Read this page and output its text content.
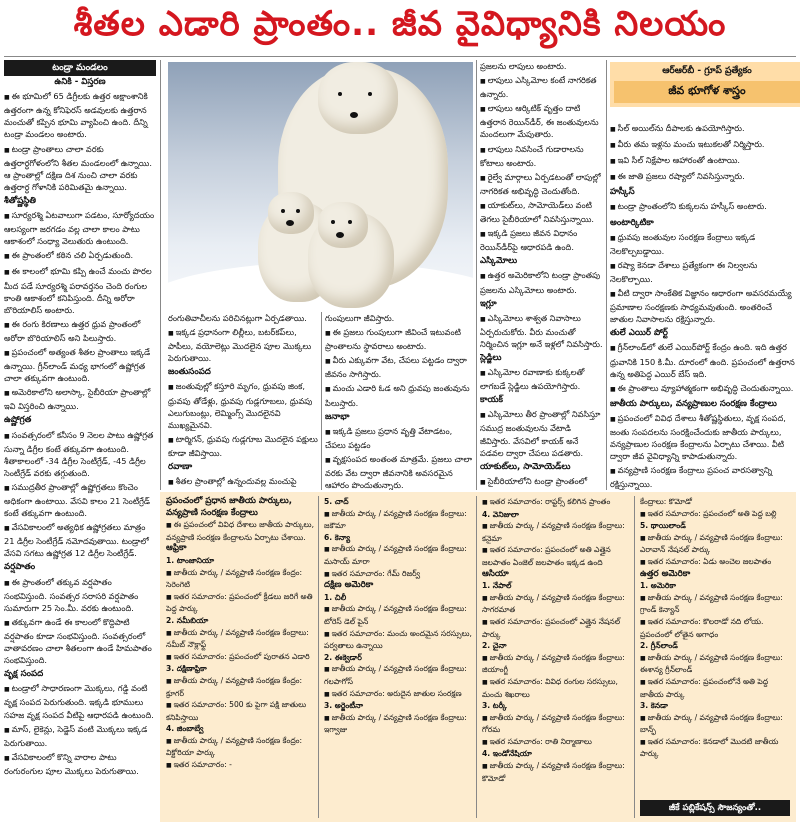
శీతల ఎడారి ప్రాంతం.. జీవ వైవిధ్యానికి నిలయం
టండ్రా మండలం

ఉనికి - విస్తరణ

■ ఈ భూమిలో 65 డిగ్రీలకు ఉత్తర అక్షాంశానికి ఉత్తరంగా ఉన్న కోనిఫెరస్ అడవులకు ఉత్తరాన మంచుతో కప్పిన భూమి వ్యాపించి ఉంది. దీన్ని టండ్రా మండలం అంటారు.

■ టండ్రా ప్రాంతాలు చాలా వరకు ఉత్తరార్ధగోళంలోని శీతల మండలంలో ఉన్నాయి. ఆ ప్రాంతాల్లో దక్షిణ దిశ నుంచి చాలా వరకు ఉత్తరార్ధ గోళానికి పరిమితమై ఉన్నాయి.

శీతోష్ణస్థితి

■ సూర్యరశ్మి ఏటవాలుగా పడటం, సూర్యోదయం ఆలస్యంగా జరగడం వల్ల చాలా కాలం పాటు ఆకాశంలో సంధ్యా వెలుతురు ఉంటుంది.

■ ఈ ప్రాంతంలో కఠిన చలి ఏర్పడుతుంది.

■ ఈ కాలంలో భూమి కప్పి ఉంచే మంచు పొరల మీద పడే సూర్యరశ్మి పరావర్తనం చెంది రంగుల కాంతి ఆకాశంలో కనిపిస్తుంది. దీన్ని అరోరా బొరియాలిస్ అంటారు.

■ ఈ రంగు కిరణాలు ఉత్తర ధ్రువ ప్రాంతంలో అరోరా బొరియాలిస్‌ అని పిలుస్తారు.

■ ప్రపంచంలో అత్యంత శీతల ప్రాంతాలు ఇక్కడే ఉన్నాయి. గ్రీన్‌లాండ్‌ మధ్య భాగంలో ఉష్ణోగ్రత చాలా తక్కువగా ఉంటుంది.

■ అమెరికాలోని అలాస్కా, సైబీరియా ప్రాంతాల్లో ఇవి విస్తరించి ఉన్నాయి.

ఉష్ణోగ్రత

■ సంవత్సరంలో కనీసం 9 నెలల పాటు ఉష్ణోగ్రత సున్నా డిగ్రీల కంటే తక్కువగా ఉంటుంది. శీతాకాలంలో -34 డిగ్రీల సెంటీగ్రేడ్, -45 డిగ్రీల సెంటీగ్రేడ్ వరకు తగ్గుతుంది.

■ సముద్రతీర ప్రాంతాల్లో ఉష్ణోగ్రతలు కొంచెం అధికంగా ఉంటాయి. వేసవి కాలం 21 సెంటీగ్రేడ్ కంటే తక్కువగా ఉంటుంది.

■ వేసవికాలంలో అత్యధిక ఉష్ణోగ్రతలు మాత్రం 21 డిగ్రీల సెంటీగ్రేడ్ నమోదవుతాయి. టండ్రాలో వేసవి సగటు ఉష్ణోగ్రత 12 డిగ్రీల సెంటీగ్రేడ్.

వర్షపాతం

■ ఈ ప్రాంతంలో తక్కువ వర్షపాతం సంభవిస్తుంది. సంవత్సర సరాసరి వర్షపాతం సుమారుగా 25 సెం.మీ. వరకు ఉంటుంది.

■ తక్కువగా ఉండే ఈ కాలంలో కొద్దిపాటి వర్షపాతం కూడా సంభవిస్తుంది. సంవత్సరంలో వాతావరణం చాలా శీతలంగా ఉండే హిమపాతం సంభవిస్తుంది.

వృక్ష సంపద

■ టండ్రాలో సాధారణంగా మొక్కలు, గడ్డి వంటి వృక్ష సంపద పెరుగుతుంది. ఇక్కడి భూములు సహజ వృక్ష సంపద వీటిపై ఆధారపడి ఉంటుంది.

■ మాస్, లైకెన్లు, సెడ్జెస్ వంటి మొక్కలు ఇక్కడ పెరుగుతాయి.

■ వేసవికాలంలో కొన్ని వారాల పాటు రంగురంగుల పూల మొక్కలు పెరుగుతాయి.

రంగుతివాచీలను పరిచినట్లుగా ఏర్పడతాయి.

■ ఇక్కడ ప్రధానంగా లిల్లీలు, బటర్‌కప్‌లు, పాపీలు, వయోలెట్లు మొదలైన పూల మొక్కలు పెరుగుతాయి.

జంతుసంపద

■ జంతువుల్లో కస్తూరి మృగం, ధ్రువపు జింక, ధ్రువపు తోడేళ్లు, ధ్రువపు గుడ్లగూబలు, ధ్రువపు ఎలుగుబంట్లు, లెమ్మింగ్స్ మొదలైనవి ముఖ్యమైనవి.

■ టార్మిగన్, ధ్రువపు గుడ్లగూబ మొదలైన పక్షులు కూడా జీవిస్తాయి.

రవాణా

■ శీతల ప్రాంతాల్లో ఉన్నందువల్ల మంచుపై

గుంపులుగా జీవిస్తారు.

■ ఈ ప్రజలు గుంపులుగా జీవించే ఇటువంటి ప్రాంతాలను స్థావరాలు అంటారు.

■ వీరు ఎక్కువగా వేట, చేపలు పట్టడం ద్వారా జీవనం సాగిస్తారు.

■ మంచు ఎడారి ఓడ అని ధ్రువపు జంతువును పిలుస్తారు.

జనాభా

■ ఇక్కడి ప్రజలు ప్రధాన వృత్తి వేటాడటం, చేపలు పట్టడం

■ వృక్షసంపద అంతంత మాత్రమే. ప్రజలు చాలా వరకు వేట ద్వారా జీవనానికి అవసరమైన ఆహారం పొందుతున్నారు.

ప్రజలను లాపులు అంటారు.

■ లాపులు ఎస్కిమోల కంటే నాగరికత ఉన్నారు.

■ లాపులు ఆర్కిటిక్ వృత్తం దాటి ఉత్తరాన రెయిన్‌డీర్, ఈ జంతువులను మందలుగా మేపుతారు.

■ లాపులు నివసించే గుడారాలను కోటాలు అంటారు.

■ రైల్వే మార్గాలు ఏర్పడటంతో లాపుల్లో నాగరికత అభివృద్ధి చెందుతోంది.

■ యాకుట్‌లు, సామోయెడ్‌లు వంటి తెగలు సైబీరియాలో నివసిస్తున్నాయి.

■ ఇక్కడి ప్రజలు జీవన విధానం రెయిన్‌డీర్‌పై ఆధారపడి ఉంది.

ఎస్కిమోలు

■ ఉత్తర అమెరికాలోని టండ్రా ప్రాంతపు ప్రజలను ఎస్కిమోలు అంటారు.

ఇగ్లూ

■ ఎస్కిమోలు శాశ్వత నివాసాలు ఏర్పరుచుకోరు. వీరు మంచుతో నిర్మించిన ఇగ్లూ అనే ఇళ్లలో నివసిస్తారు.

స్లెడ్జిలు

■ ఎస్కిమోల రవాణాకు కుక్కలతో లాగబడే స్లెడ్జిలు ఉపయోగిస్తారు.

కాయక్

■ ఎస్కిమోలు తీర ప్రాంతాల్లో నివసిస్తూ సముద్ర జంతువులను వేటాడి జీవిస్తారు. వేసవిలో కాయక్ అనే పడవల ద్వారా చేపలు పడతారు.

యాకుట్‌లు, సామోయెడ్‌లు

■ సైబీరియాలోని టండ్రా ప్రాంతంలో

ఆర్‌ఆర్‌బీ - గ్రూప్ ప్రత్యేకం
జీవ భూగోళ శాస్త్రం

■ సీల్ అయిల్‌ను దీపాలకు ఉపయోగిస్తారు.

■ వీరు తమ ఇళ్లను మంచు ఇటుకలతో నిర్మిస్తారు.

■ ఇవి సీల్ నిక్షేపాల ఆహారంతో ఉంటాయి.

■ ఈ జాతి ప్రజలు రష్యాలో నివసిస్తున్నారు.

హస్కీస్

■ టండ్రా ప్రాంతంలోని కుక్కలను హస్కీస్ అంటారు.

అంటార్కిటికా

■ ధ్రువపు జంతువుల సంరక్షణ కేంద్రాలు ఇక్కడ నెలకొల్పబడ్డాయి.

■ రష్యా కెనడా దేశాలు ప్రత్యేకంగా ఈ నిల్వలను నెలకొల్పాయి.

■ వీటి ద్వారా సాంకేతిక విజ్ఞానం ఆధారంగా అవసరమయ్యే ప్రమాణాల సంరక్షణకు సాధ్యమవుతుంది. అంతరించే జాతుల నివాసాలను రక్షిస్తున్నారు.

తులే ఎయిర్ పోర్ట్

■ గ్రీన్‌లాండ్‌లో తులే ఎయిర్‌పోర్ట్ కేంద్రం ఉంది. ఇది ఉత్తర ధ్రువానికి 150 కి.మీ. దూరంలో ఉంది. ప్రపంచంలో ఉత్తరాన ఉన్న అతిపెద్ద ఎయిర్ బేస్ ఇది.

■ ఈ ప్రాంతాలు వ్యూహాత్మకంగా అభివృద్ధి చెందుతున్నాయి.

జాతీయ పార్కులు, వన్యప్రాణుల సంరక్షణ కేంద్రాలు

■ ప్రపంచంలో వివిధ దేశాలు శీతోష్ణస్థితులు, వృక్ష సంపద, జంతు సంపదలను సంరక్షించేందుకు జాతీయ పార్కులు, వన్యప్రాణుల సంరక్షణ కేంద్రాలను ఏర్పాటు చేశాయి. వీటి ద్వారా జీవ వైవిధ్యాన్ని కాపాడుతున్నారు.

■ వన్యప్రాణి సంరక్షణ కేంద్రాలు ప్రపంచ వారసత్వాన్ని రక్షిస్తున్నాయి.

ప్రపంచంలో ప్రధాన జాతీయ పార్కులు, వన్యప్రాణి సంరక్షణ కేంద్రాలు

■ ఈ ప్రపంచంలో వివిధ దేశాలు జాతీయ పార్కులు, వన్యప్రాణి సంరక్షణ కేంద్రాలను ఏర్పాటు చేశాయి.

ఆఫ్రికా

1. టాంజానియా

■ జాతీయ పార్కు / వన్యప్రాణి సంరక్షణ కేంద్రం: సెరెంగెటి

■ ఇతర సమాచారం: ప్రపంచంలో క్రీడలు జరిగే అతి పెద్ద పార్కు

2. నమీబియా

■ జాతీయ పార్కు / వన్యప్రాణి సంరక్షణ కేంద్రాలు: నమీబ్ నౌక్లాఫ్ట్

■ ఇతర సమాచారం: ప్రపంచంలో పురాతన ఎడారి

3. దక్షిణాఫ్రికా

■ జాతీయ పార్కు / వన్యప్రాణి సంరక్షణ కేంద్రం: క్రూగర్

■ ఇతర సమాచారం: 500 కు పైగా పక్షి జాతులు కనిపిస్తాయి

4. జింబాబ్వే

■ జాతీయ పార్కు / వన్యప్రాణి సంరక్షణ కేంద్రం: విక్టోరియా పార్కు

■ ఇతర సమాచారం: -

5. చాద్

■ జాతీయ పార్కు / వన్యప్రాణి సంరక్షణ కేంద్రాలు: జకౌమా

6. కెన్యా

■ జాతీయ పార్కు / వన్యప్రాణి సంరక్షణ కేంద్రాలు: మసాయ్ మారా

■ ఇతర సమాచారం: గేమ్ రిజర్వ్

దక్షిణ అమెరికా

1. చిలీ

■ జాతీయ పార్కు / వన్యప్రాణి సంరక్షణ కేంద్రాలు: టోరెస్ డెల్ పైన్

■ ఇతర సమాచారం: మంచు అందమైన సరస్సులు, పర్వతాలు ఉన్నాయి

2. ఈక్వెడార్

■ జాతీయ పార్కు / వన్యప్రాణి సంరక్షణ కేంద్రాలు: గలపాగోస్

■ ఇతర సమాచారం: అరుదైన జాతుల సంరక్షణ

3. అర్జెంటీనా

■ జాతీయ పార్కు / వన్యప్రాణి సంరక్షణ కేంద్రాలు: ఇగ్వాజు

■ ఇతర సమాచారం: రాప్టర్స్ కలిగిన ప్రాంతం

4. వెనిజులా

■ జాతీయ పార్కు / వన్యప్రాణి సంరక్షణ కేంద్రాలు: కనైమా

■ ఇతర సమాచారం: ప్రపంచంలో అతి ఎత్తైన జలపాతం ఏంజెల్ జలపాతం ఇక్కడ ఉంది

ఆసియా

1. నేపాల్

■ జాతీయ పార్కు / వన్యప్రాణి సంరక్షణ కేంద్రాలు: సాగరమాత

■ ఇతర సమాచారం: ప్రపంచంలో ఎత్తైన నేషనల్ పార్కు

2. చైనా

■ జాతీయ పార్కు / వన్యప్రాణి సంరక్షణ కేంద్రాలు: జియాంగ్జీ

■ ఇతర సమాచారం: వివిధ రంగుల సరస్సులు, మంచు శిఖరాలు

3. టర్కీ

■ జాతీయ పార్కు / వన్యప్రాణి సంరక్షణ కేంద్రాలు: గోరమ

■ ఇతర సమాచారం: రాతి నిర్మాణాలు

4. ఇండోనేషియా

■ జాతీయ పార్కు / వన్యప్రాణి సంరక్షణ కేంద్రాలు: కొమోడో

కేంద్రాలు: కొమోడో

■ ఇతర సమాచారం: ప్రపంచంలో అతి పెద్ద బల్లి

5. థాయిలాండ్

■ జాతీయ పార్కు / వన్యప్రాణి సంరక్షణ కేంద్రాలు: ఎరావాన్ నేషనల్ పార్కు

■ ఇతర సమాచారం: ఏడు అంచెల జలపాతం

ఉత్తర అమెరికా

1. అమెరికా

■ జాతీయ పార్కు / వన్యప్రాణి సంరక్షణ కేంద్రాలు: గ్రాండ్ కెన్యాన్

■ ఇతర సమాచారం: కొలరాడో నది లోయ. ప్రపంచంలో లోతైన అగాధం

2. గ్రీన్‌లాండ్

■ జాతీయ పార్కు / వన్యప్రాణి సంరక్షణ కేంద్రాలు: ఈశాన్య గ్రీన్‌లాండ్

■ ఇతర సమాచారం: ప్రపంచంలోనే అతి పెద్ద జాతీయ పార్కు

3. కెనడా

■ జాతీయ పార్కు / వన్యప్రాణి సంరక్షణ కేంద్రాలు: బాన్ఫ్

■ ఇతర సమాచారం: కెనడాలో మొదటి జాతీయ పార్కు

జీకే పబ్లికేషన్స్ సౌజన్యంతో..
